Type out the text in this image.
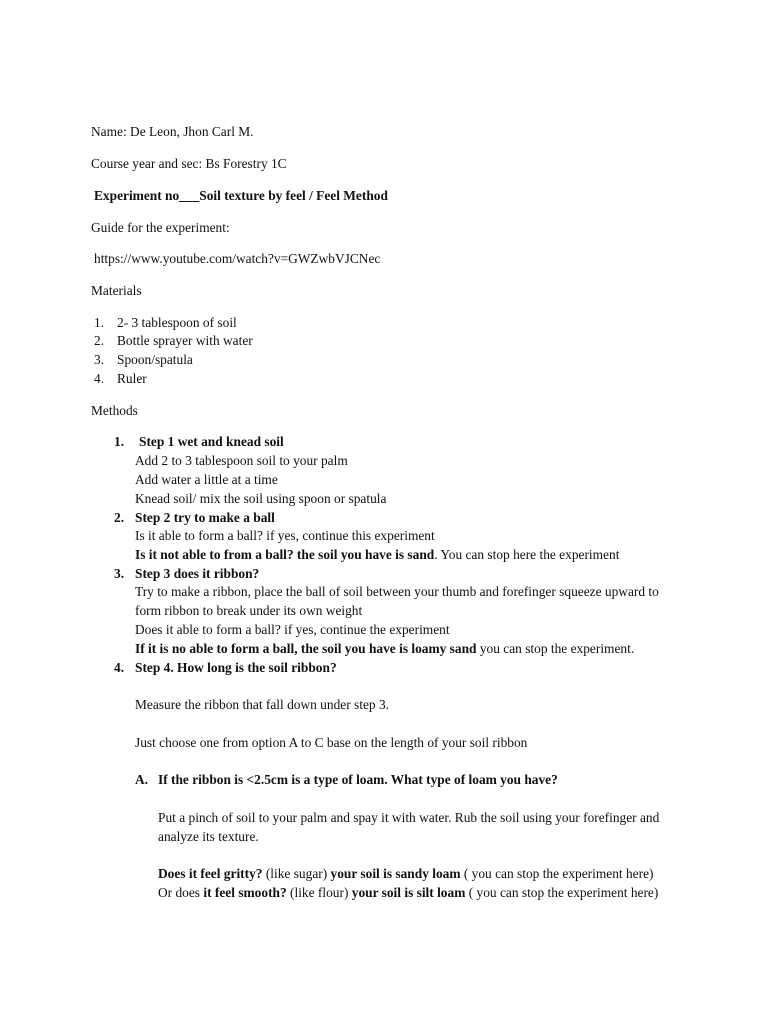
Name: De Leon, Jhon Carl M.
Course year and sec: Bs Forestry 1C
Experiment no___Soil texture by feel / Feel Method
Guide for the experiment:
https://www.youtube.com/watch?v=GWZwbVJCNec
Materials
1. 2- 3 tablespoon of soil
2. Bottle sprayer with water
3. Spoon/spatula
4. Ruler
Methods
1. Step 1 wet and knead soil
Add 2 to 3 tablespoon soil to your palm
Add water a little at a time
Knead soil/ mix the soil using spoon or spatula
2. Step 2 try to make a ball
Is it able to form a ball? if yes, continue this experiment
Is it not able to from a ball? the soil you have is sand. You can stop here the experiment
3. Step 3 does it ribbon?
Try to make a ribbon, place the ball of soil between your thumb and forefinger squeeze upward to
form ribbon to break under its own weight
Does it able to form a ball? if yes, continue the experiment
If it is no able to form a ball, the soil you have is loamy sand you can stop the experiment.
4. Step 4. How long is the soil ribbon?
Measure the ribbon that fall down under step 3.
Just choose one from option A to C base on the length of your soil ribbon
A. If the ribbon is <2.5cm is a type of loam. What type of loam you have?
Put a pinch of soil to your palm and spay it with water. Rub the soil using your forefinger and
analyze its texture.
Does it feel gritty? (like sugar) your soil is sandy loam ( you can stop the experiment here)
Or does it feel smooth? (like flour) your soil is silt loam ( you can stop the experiment here)
